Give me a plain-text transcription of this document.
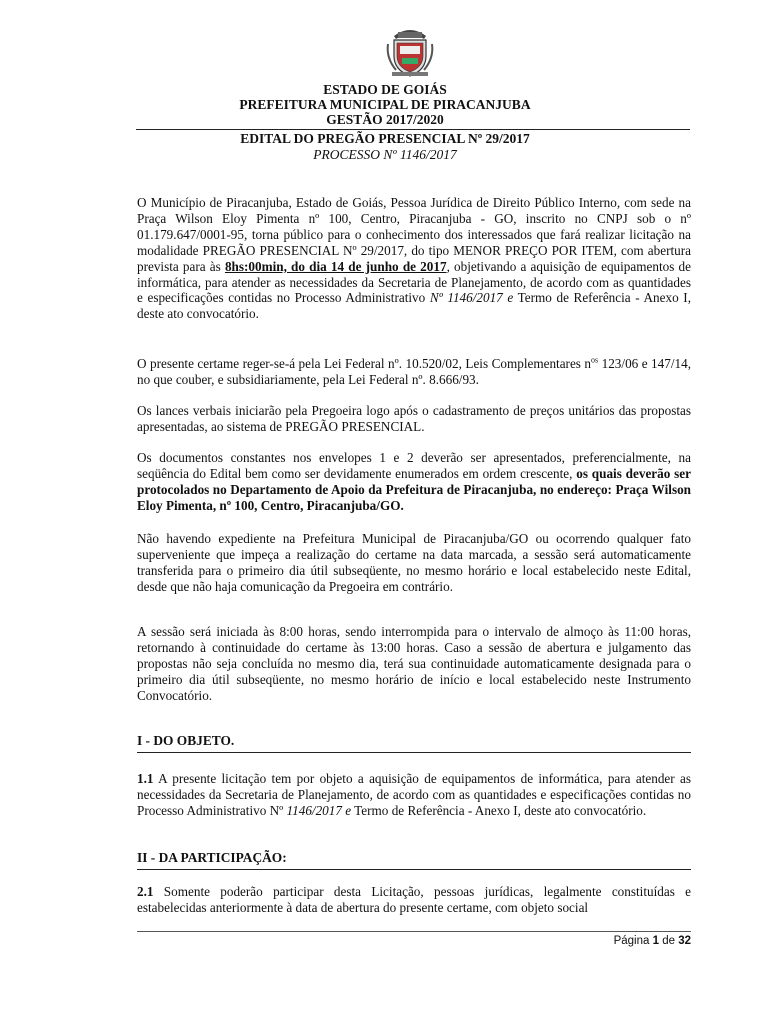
ESTADO DE GOIÁS
PREFEITURA MUNICIPAL DE PIRACANJUBA
GESTÃO 2017/2020
EDITAL DO PREGÃO PRESENCIAL Nº 29/2017
PROCESSO Nº 1146/2017

O Município de Piracanjuba, Estado de Goiás, Pessoa Jurídica de Direito Público Interno, com sede na Praça Wilson Eloy Pimenta nº 100, Centro, Piracanjuba - GO, inscrito no CNPJ sob o nº 01.179.647/0001-95, torna público para o conhecimento dos interessados que fará realizar licitação na modalidade PREGÃO PRESENCIAL Nº 29/2017, do tipo MENOR PREÇO POR ITEM, com abertura prevista para às 8hs:00min, do dia 14 de junho de 2017, objetivando a aquisição de equipamentos de informática, para atender as necessidades da Secretaria de Planejamento, de acordo com as quantidades e especificações contidas no Processo Administrativo Nº 1146/2017 e Termo de Referência - Anexo I, deste ato convocatório.

O presente certame reger-se-á pela Lei Federal nº. 10.520/02, Leis Complementares $n^{os}$ 123/06 e 147/14, no que couber, e subsidiariamente, pela Lei Federal nº. 8.666/93.

Os lances verbais iniciarão pela Pregoeira logo após o cadastramento de preços unitários das propostas apresentadas, ao sistema de PREGÃO PRESENCIAL.

Os documentos constantes nos envelopes 1 e 2 deverão ser apresentados, preferencialmente, na seqüência do Edital bem como ser devidamente enumerados em ordem crescente, os quais deverão ser protocolados no Departamento de Apoio da Prefeitura de Piracanjuba, no endereço: Praça Wilson Eloy Pimenta, nº 100, Centro, Piracanjuba/GO.

Não havendo expediente na Prefeitura Municipal de Piracanjuba/GO ou ocorrendo qualquer fato superveniente que impeça a realização do certame na data marcada, a sessão será automaticamente transferida para o primeiro dia útil subseqüente, no mesmo horário e local estabelecido neste Edital, desde que não haja comunicação da Pregoeira em contrário.

A sessão será iniciada às 8:00 horas, sendo interrompida para o intervalo de almoço às 11:00 horas, retornando à continuidade do certame às 13:00 horas. Caso a sessão de abertura e julgamento das propostas não seja concluída no mesmo dia, terá sua continuidade automaticamente designada para o primeiro dia útil subseqüente, no mesmo horário de início e local estabelecido neste Instrumento Convocatório.

I - DO OBJETO.

1.1 A presente licitação tem por objeto a aquisição de equipamentos de informática, para atender as necessidades da Secretaria de Planejamento, de acordo com as quantidades e especificações contidas no Processo Administrativo Nº 1146/2017 e Termo de Referência - Anexo I, deste ato convocatório.

II - DA PARTICIPAÇÃO:

2.1 Somente poderão participar desta Licitação, pessoas jurídicas, legalmente constituídas e estabelecidas anteriormente à data de abertura do presente certame, com objeto social

Página 1 de 32
